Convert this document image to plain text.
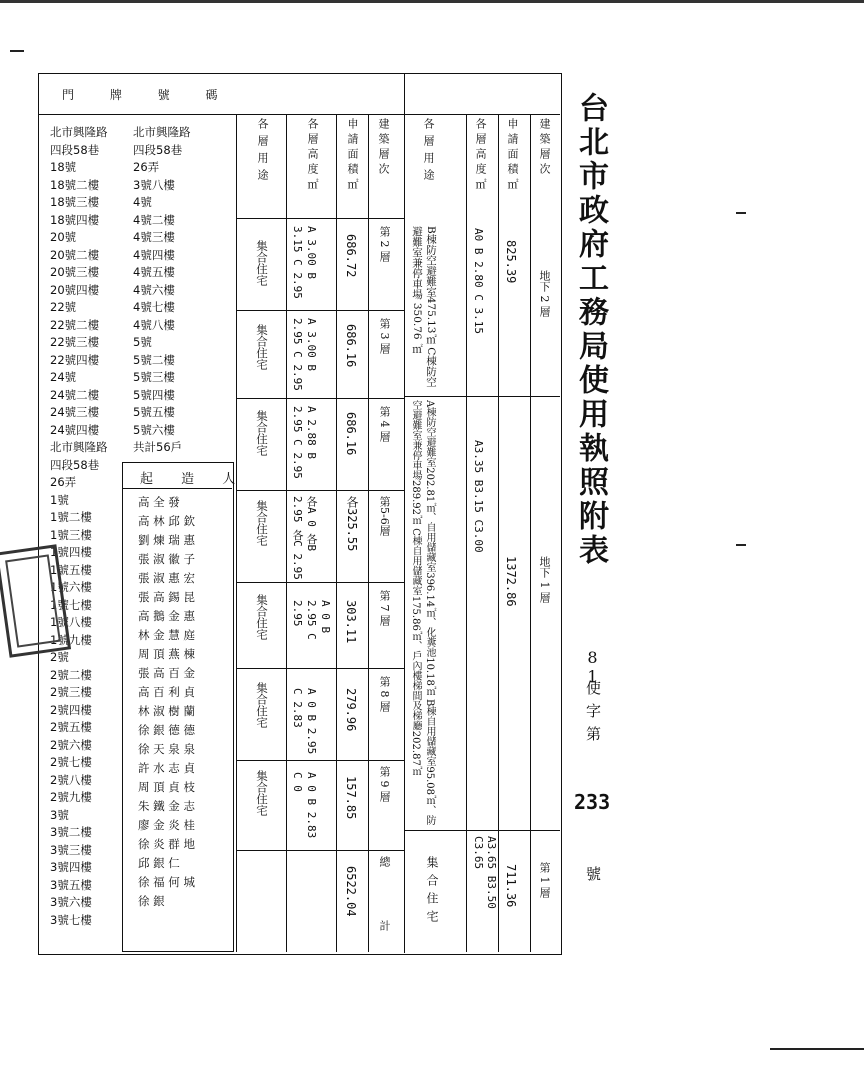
台北市政府工務局使用執照附表
81
使字第
233
號
門 牌 號 碼
北市興隆路
四段58巷
18號
18號二樓
18號三樓
18號四樓
20號
20號二樓
20號三樓
20號四樓
22號
22號二樓
22號三樓
22號四樓
24號
24號二樓
24號三樓
24號四樓
北市興隆路
四段58巷
26弄
1號
1號二樓
1號三樓
1號四樓
1號五樓
1號六樓
1號七樓
1號八樓
1號九樓
2號
2號二樓
2號三樓
2號四樓
2號五樓
2號六樓
2號七樓
2號八樓
2號九樓
3號
3號二樓
3號三樓
3號四樓
3號五樓
3號六樓
3號七樓
北市興隆路
四段58巷
26弄
3號八樓
4號
4號二樓
4號三樓
4號四樓
4號五樓
4號六樓
4號七樓
4號八樓
5號
5號二樓
5號三樓
5號四樓
5號五樓
5號六樓
共計56戶
起 造 人
高 全 發
高 林 邱 欽
劉 煉 瑞 惠
張 淑 徽 子
張 淑 惠 宏
張 高 錫 昆
高 鵝 金 惠
林 金 慧 庭
周 頂 燕 棟
張 高 百 金
高 百 利 貞
林 淑 樹 蘭
徐 銀 德 德
徐 天 泉 泉
許 水 志 貞
周 頂 貞 枝
朱 鐵 金 志
廖 金 炎 桂
徐 炎 群 地
邱 銀 仁
徐 福 何 城
徐 銀
建築層次
申請面積㎡
各層高度㎡
各層用途
地下 2 層
825.39
A0 B 2.80 C 3.15
B棟防空避難室475.13㎡ C棟防空避難室兼停車場 350.76 ㎡
地下 1 層
1372.86
A3.35 B3.15 C3.00
A棟防空避難室202.81㎡、自用儲藏室396.14㎡、化糞池10.18㎡ B棟自用儲藏室95.08㎡、防空避難室兼停車場289.92㎡ C棟自用儲藏室175.86㎡、戶內樓梯間及梯廳202.87㎡
第 1 層
711.36
A3.65 B3.50 C3.65
集合住宅
建築層次
申請面積㎡
各層高度㎡
各層用途
第 2 層
第 3 層
第 4 層
第5-6層
第 7 層
第 8 層
第 9 層
總 計
686.72
686.16
686.16
各325.55
303.11
279.96
157.85
6522.04
A 3.00 B 3.15 C 2.95
A 3.00 B 2.95 C 2.95
A 2.88 B 2.95 C 2.95
各A 0 各B 2.95 各C 2.95
A 0 B 2.95 C 2.95
A 0 B 2.95 C 2.83
A 0 B 2.83 C 0
集合住宅
集合住宅
集合住宅
集合住宅
集合住宅
集合住宅
集合住宅
